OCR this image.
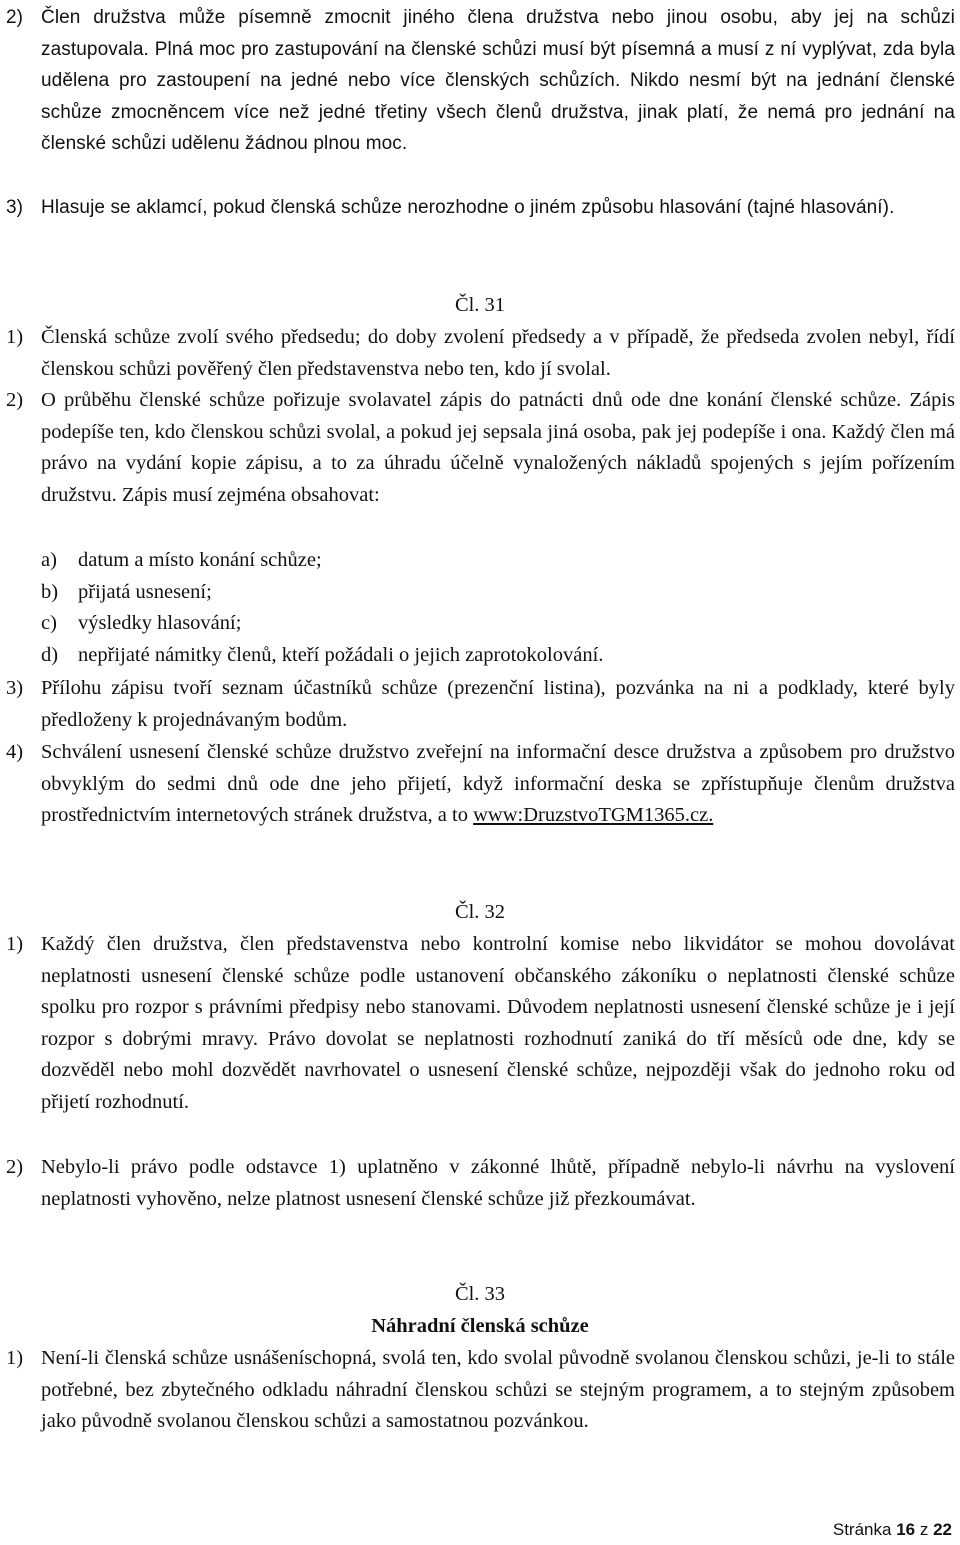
2) Člen družstva může písemně zmocnit jiného člena družstva nebo jinou osobu, aby jej na schůzi zastupovala. Plná moc pro zastupování na členské schůzi musí být písemná a musí z ní vyplývat, zda byla udělena pro zastoupení na jedné nebo více členských schůzích. Nikdo nesmí být na jednání členské schůze zmocněncem více než jedné třetiny všech členů družstva, jinak platí, že nemá pro jednání na členské schůzi udělenu žádnou plnou moc.
3) Hlasuje se aklamcí, pokud členská schůze nerozhodne o jiném způsobu hlasování (tajné hlasování).
Čl. 31
1) Členská schůze zvolí svého předsedu; do doby zvolení předsedy a v případě, že předseda zvolen nebyl, řídí členskou schůzi pověřený člen představenstva nebo ten, kdo jí svolal.
2) O průběhu členské schůze pořizuje svolavatel zápis do patnácti dnů ode dne konání členské schůze. Zápis podepíše ten, kdo členskou schůzi svolal, a pokud jej sepsala jiná osoba, pak jej podepíše i ona. Každý člen má právo na vydání kopie zápisu, a to za úhradu účelně vynaložených nákladů spojených s jejím pořízením družstvu. Zápis musí zejména obsahovat:
a) datum a místo konání schůze;
b) přijatá usnesení;
c) výsledky hlasování;
d) nepřijaté námitky členů, kteří požádali o jejich zaprotokolování.
3) Přílohu zápisu tvoří seznam účastníků schůze (prezenční listina), pozvánka na ni a podklady, které byly předloženy k projednávaným bodům.
4) Schválení usnesení členské schůze družstvo zveřejní na informační desce družstva a způsobem pro družstvo obvyklým do sedmi dnů ode dne jeho přijetí, když informační deska se zpřístupňuje členům družstva prostřednictvím internetových stránek družstva, a to www:DruzstvoTGM1365.cz.
Čl. 32
1) Každý člen družstva, člen představenstva nebo kontrolní komise nebo likvidátor se mohou dovolávat neplatnosti usnesení členské schůze podle ustanovení občanského zákoníku o neplatnosti členské schůze spolku pro rozpor s právními předpisy nebo stanovami. Důvodem neplatnosti usnesení členské schůze je i její rozpor s dobrými mravy. Právo dovolat se neplatnosti rozhodnutí zaniká do tří měsíců ode dne, kdy se dozvěděl nebo mohl dozvědět navrhovatel o usnesení členské schůze, nejpozději však do jednoho roku od přijetí rozhodnutí.
2) Nebylo-li právo podle odstavce 1) uplatněno v zákonné lhůtě, případně nebylo-li návrhu na vyslovení neplatnosti vyhověno, nelze platnost usnesení členské schůze již přezkoumávat.
Čl. 33
Náhradní členská schůze
1) Není-li členská schůze usnášeníschopná, svolá ten, kdo svolal původně svolanou členskou schůzi, je-li to stále potřebné, bez zbytečného odkladu náhradní členskou schůzi se stejným programem, a to stejným způsobem jako původně svolanou členskou schůzi a samostatnou pozvánkou.
Stránka 16 z 22
